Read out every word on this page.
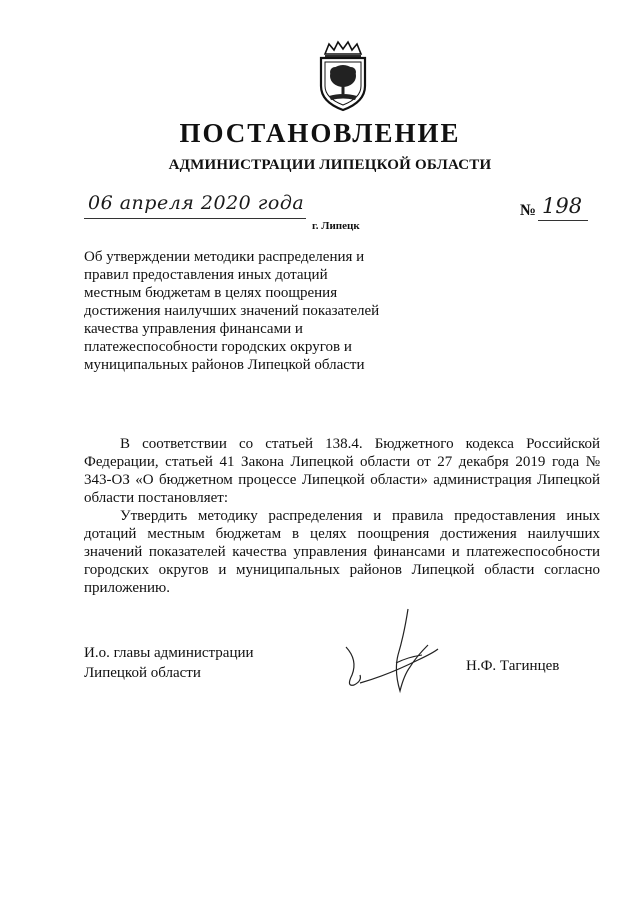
ПОСТАНОВЛЕНИЕ
АДМИНИСТРАЦИИ ЛИПЕЦКОЙ ОБЛАСТИ
06 апреля 2020 года
г. Липецк
№ 198
Об утверждении методики распределения и правил предоставления иных дотаций местным бюджетам в целях поощрения достижения наилучших значений показателей качества управления финансами и платежеспособности городских округов и муниципальных районов Липецкой области

В соответствии со статьей 138.4. Бюджетного кодекса Российской Федерации, статьей 41 Закона Липецкой области от 27 декабря 2019 года № 343-ОЗ «О бюджетном процессе Липецкой области» администрация Липецкой области постановляет:

Утвердить методику распределения и правила предоставления иных дотаций местным бюджетам в целях поощрения достижения наилучших значений показателей качества управления финансами и платежеспособности городских округов и муниципальных районов Липецкой области согласно приложению.

И.о. главы администрации
Липецкой области	Н.Ф. Тагинцев
